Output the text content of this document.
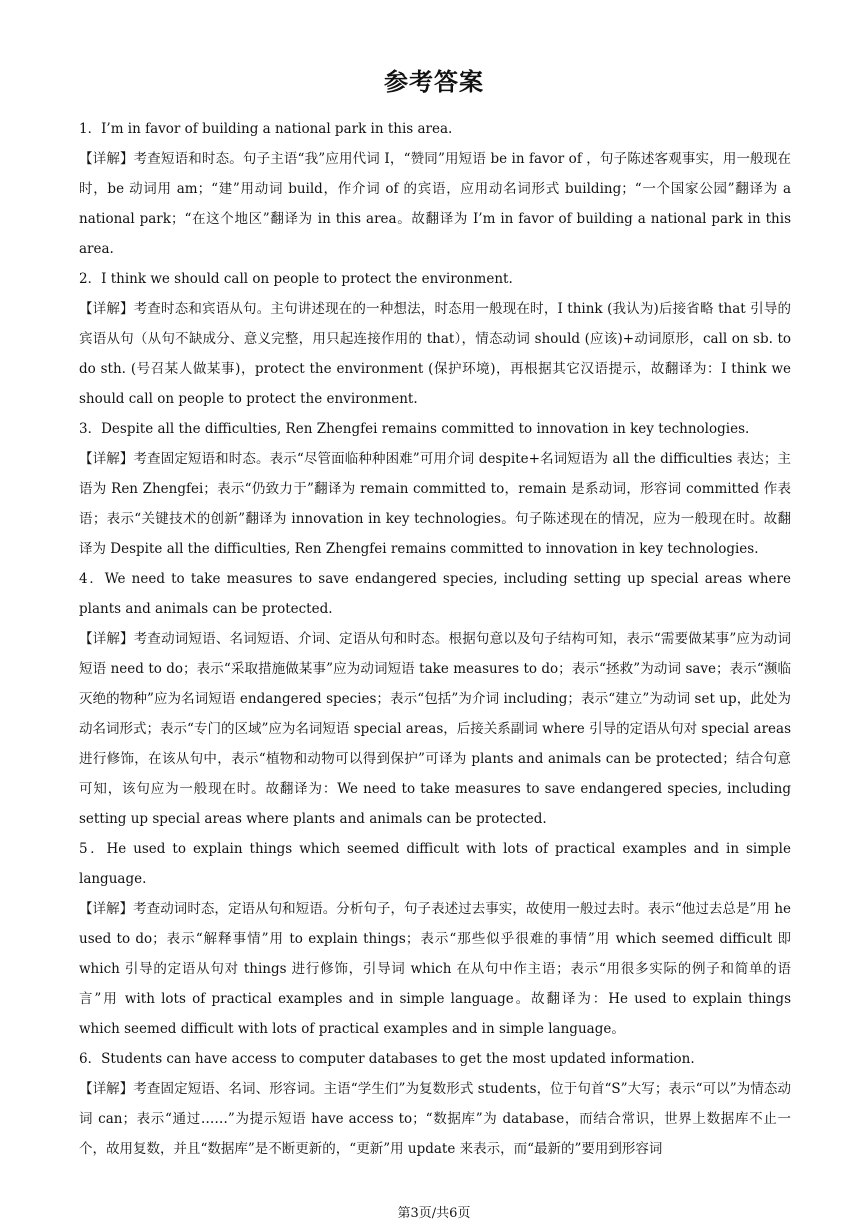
参考答案

1．I’m in favor of building a national park in this area.

【详解】考查短语和时态。句子主语“我”应用代词 I，“赞同”用短语 be in favor of ，句子陈述客观事实，用一般现在时，be 动词用 am；“建”用动词 build，作介词 of 的宾语，应用动名词形式 building；“一个国家公园”翻译为 a national park；“在这个地区”翻译为 in this area。故翻译为 I’m in favor of building a national park in this area.

2．I think we should call on people to protect the environment.

【详解】考查时态和宾语从句。主句讲述现在的一种想法，时态用一般现在时，I think (我认为)后接省略 that 引导的宾语从句（从句不缺成分、意义完整，用只起连接作用的 that），情态动词 should (应该)+动词原形，call on sb. to do sth. (号召某人做某事)，protect the environment (保护环境)，再根据其它汉语提示，故翻译为：I think we should call on people to protect the environment.

3．Despite all the difficulties, Ren Zhengfei remains committed to innovation in key technologies.

【详解】考查固定短语和时态。表示“尽管面临种种困难”可用介词 despite+名词短语为 all the difficulties 表达；主语为 Ren Zhengfei；表示“仍致力于”翻译为 remain committed to，remain 是系动词，形容词 committed 作表语；表示“关键技术的创新”翻译为 innovation in key technologies。句子陈述现在的情况，应为一般现在时。故翻译为 Despite all the difficulties, Ren Zhengfei remains committed to innovation in key technologies.

4．We need to take measures to save endangered species, including setting up special areas where plants and animals can be protected.

【详解】考查动词短语、名词短语、介词、定语从句和时态。根据句意以及句子结构可知，表示“需要做某事”应为动词短语 need to do；表示“采取措施做某事”应为动词短语 take measures to do；表示“拯救”为动词 save；表示“濒临灭绝的物种”应为名词短语 endangered species；表示“包括”为介词 including；表示“建立”为动词 set up，此处为动名词形式；表示“专门的区域”应为名词短语 special areas，后接关系副词 where 引导的定语从句对 special areas 进行修饰，在该从句中，表示“植物和动物可以得到保护”可译为 plants and animals can be protected；结合句意可知，该句应为一般现在时。故翻译为：We need to take measures to save endangered species, including setting up special areas where plants and animals can be protected.

5．He used to explain things which seemed difficult with lots of practical examples and in simple language.

【详解】考查动词时态，定语从句和短语。分析句子，句子表述过去事实，故使用一般过去时。表示“他过去总是”用 he used to do；表示“解释事情”用 to explain things；表示“那些似乎很难的事情”用 which seemed difficult 即 which 引导的定语从句对 things 进行修饰，引导词 which 在从句中作主语；表示“用很多实际的例子和简单的语言”用 with lots of practical examples and in simple language。故翻译为：He used to explain things which seemed difficult with lots of practical examples and in simple language。

6．Students can have access to computer databases to get the most updated information.

【详解】考查固定短语、名词、形容词。主语“学生们”为复数形式 students，位于句首“S”大写；表示“可以”为情态动词 can；表示“通过……”为提示短语 have access to；“数据库”为 database，而结合常识，世界上数据库不止一个，故用复数，并且“数据库”是不断更新的，“更新”用 update 来表示，而“最新的”要用到形容词

第3页/共6页
